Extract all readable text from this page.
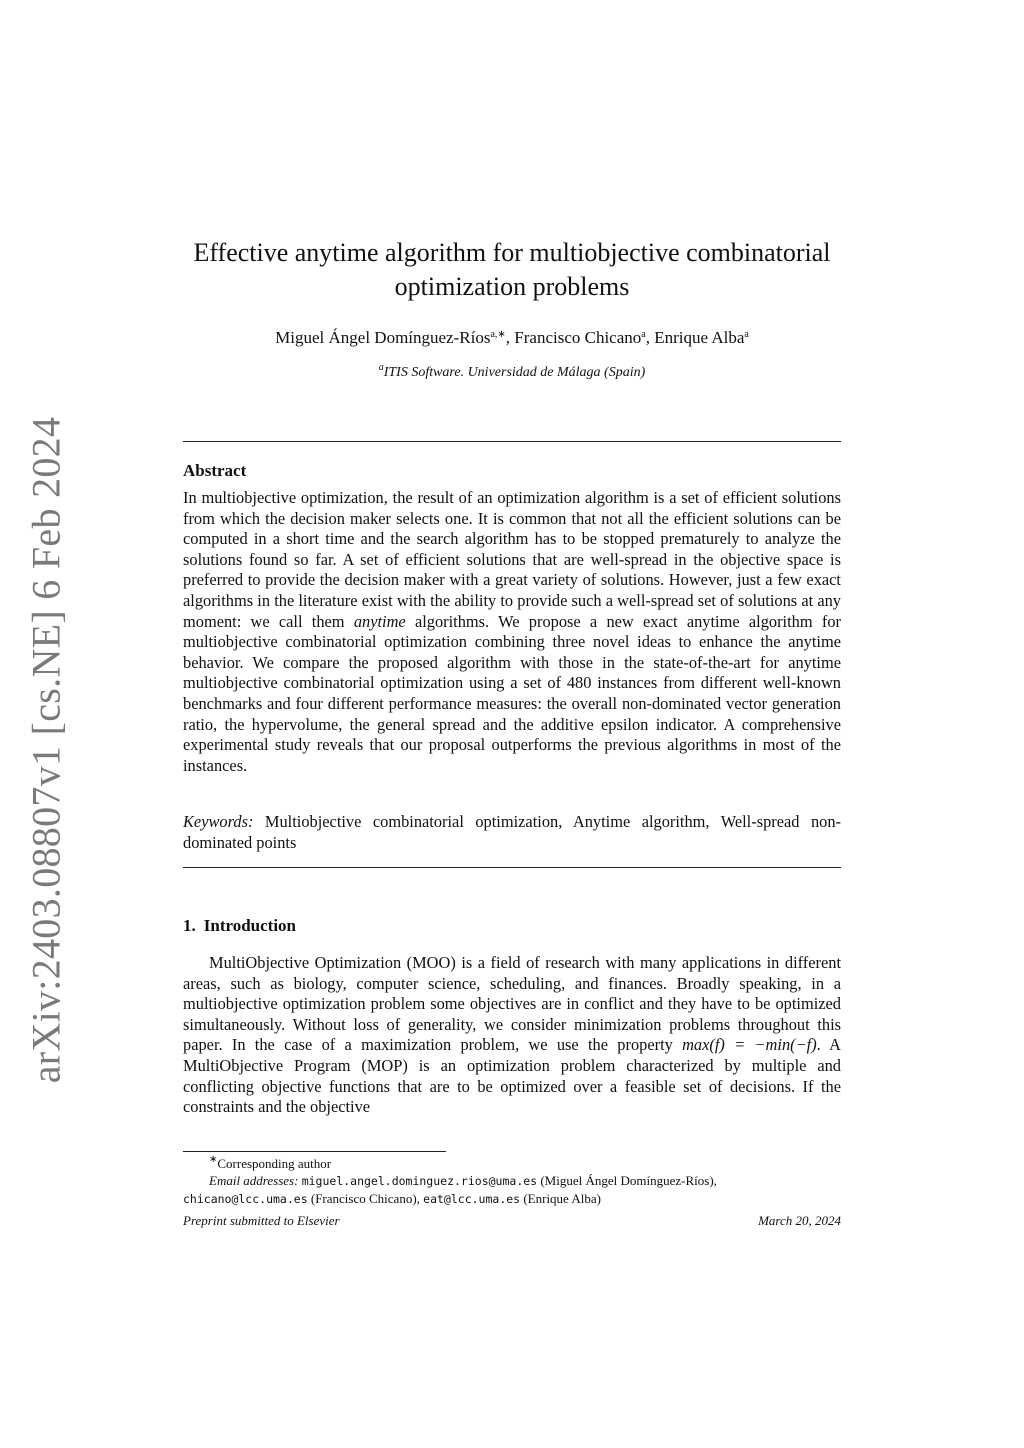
arXiv:2403.08807v1 [cs.NE] 6 Feb 2024
Effective anytime algorithm for multiobjective combinatorial
optimization problems
Miguel Ángel Domínguez-Ríos$^{a,∗}$, Francisco Chicano$^a$, Enrique Alba$^a$
$^a$ITIS Software. Universidad de Málaga (Spain)
Abstract
In multiobjective optimization, the result of an optimization algorithm is a set of efficient solutions from which the decision maker selects one. It is common that not all the efficient solutions can be computed in a short time and the search algorithm has to be stopped prematurely to analyze the solutions found so far. A set of efficient solutions that are well-spread in the objective space is preferred to provide the decision maker with a great variety of solutions. However, just a few exact algorithms in the literature exist with the ability to provide such a well-spread set of solutions at any moment: we call them anytime algorithms. We propose a new exact anytime algorithm for multiobjective combinatorial optimization combining three novel ideas to enhance the anytime behavior. We compare the proposed algorithm with those in the state-of-the-art for anytime multiobjective combinatorial optimization using a set of 480 instances from different well-known benchmarks and four different performance measures: the overall non-dominated vector generation ratio, the hypervolume, the general spread and the additive epsilon indicator. A comprehensive experimental study reveals that our proposal outperforms the previous algorithms in most of the instances.
Keywords: Multiobjective combinatorial optimization, Anytime algorithm, Well-spread non-dominated points
1. Introduction
MultiObjective Optimization (MOO) is a field of research with many applications in different areas, such as biology, computer science, scheduling, and finances. Broadly speaking, in a multiobjective optimization problem some objectives are in conflict and they have to be optimized simultaneously. Without loss of generality, we consider minimization problems throughout this paper. In the case of a maximization problem, we use the property max(f) = −min(−f). A MultiObjective Program (MOP) is an optimization problem characterized by multiple and conflicting objective functions that are to be optimized over a feasible set of decisions. If the constraints and the objective
∗Corresponding author
Email addresses: miguel.angel.dominguez.rios@uma.es (Miguel Ángel Domínguez-Ríos),
chicano@lcc.uma.es (Francisco Chicano), eat@lcc.uma.es (Enrique Alba)
Preprint submitted to Elsevier	March 20, 2024
